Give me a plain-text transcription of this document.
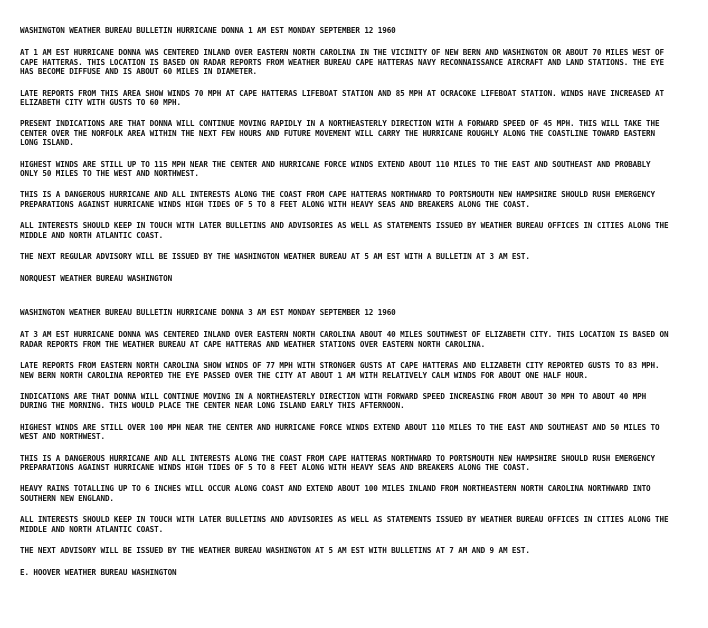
WASHINGTON WEATHER BUREAU BULLETIN HURRICANE DONNA 1 AM EST MONDAY SEPTEMBER 12 1960

AT 1 AM EST HURRICANE DONNA WAS CENTERED INLAND OVER EASTERN NORTH CAROLINA IN THE VICINITY OF NEW BERN AND WASHINGTON OR ABOUT 70 MILES WEST OF CAPE HATTERAS. THIS LOCATION IS BASED ON RADAR REPORTS FROM WEATHER BUREAU CAPE HATTERAS NAVY RECONNAISSANCE AIRCRAFT AND LAND STATIONS. THE EYE HAS BECOME DIFFUSE AND IS ABOUT 60 MILES IN DIAMETER.

LATE REPORTS FROM THIS AREA SHOW WINDS 70 MPH AT CAPE HATTERAS LIFEBOAT STATION AND 85 MPH AT OCRACOKE LIFEBOAT STATION. WINDS HAVE INCREASED AT ELIZABETH CITY WITH GUSTS TO 60 MPH.

PRESENT INDICATIONS ARE THAT DONNA WILL CONTINUE MOVING RAPIDLY IN A NORTHEASTERLY DIRECTION WITH A FORWARD SPEED OF 45 MPH. THIS WILL TAKE THE CENTER OVER THE NORFOLK AREA WITHIN THE NEXT FEW HOURS AND FUTURE MOVEMENT WILL CARRY THE HURRICANE ROUGHLY ALONG THE COASTLINE TOWARD EASTERN LONG ISLAND.

HIGHEST WINDS ARE STILL UP TO 115 MPH NEAR THE CENTER AND HURRICANE FORCE WINDS EXTEND ABOUT 110 MILES TO THE EAST AND SOUTHEAST AND PROBABLY ONLY 50 MILES TO THE WEST AND NORTHWEST.

THIS IS A DANGEROUS HURRICANE AND ALL INTERESTS ALONG THE COAST FROM CAPE HATTERAS NORTHWARD TO PORTSMOUTH NEW HAMPSHIRE SHOULD RUSH EMERGENCY PREPARATIONS AGAINST HURRICANE WINDS HIGH TIDES OF 5 TO 8 FEET ALONG WITH HEAVY SEAS AND BREAKERS ALONG THE COAST.

ALL INTERESTS SHOULD KEEP IN TOUCH WITH LATER BULLETINS AND ADVISORIES AS WELL AS STATEMENTS ISSUED BY WEATHER BUREAU OFFICES IN CITIES ALONG THE MIDDLE AND NORTH ATLANTIC COAST.

THE NEXT REGULAR ADVISORY WILL BE ISSUED BY THE WASHINGTON WEATHER BUREAU AT 5 AM EST WITH A BULLETIN AT 3 AM EST.

NORQUEST WEATHER BUREAU WASHINGTON

WASHINGTON WEATHER BUREAU BULLETIN HURRICANE DONNA 3 AM EST MONDAY SEPTEMBER 12 1960

AT 3 AM EST HURRICANE DONNA WAS CENTERED INLAND OVER EASTERN NORTH CAROLINA ABOUT 40 MILES SOUTHWEST OF ELIZABETH CITY. THIS LOCATION IS BASED ON RADAR REPORTS FROM THE WEATHER BUREAU AT CAPE HATTERAS AND WEATHER STATIONS OVER EASTERN NORTH CAROLINA.

LATE REPORTS FROM EASTERN NORTH CAROLINA SHOW WINDS OF 77 MPH WITH STRONGER GUSTS AT CAPE HATTERAS AND ELIZABETH CITY REPORTED GUSTS TO 83 MPH. NEW BERN NORTH CAROLINA REPORTED THE EYE PASSED OVER THE CITY AT ABOUT 1 AM WITH RELATIVELY CALM WINDS FOR ABOUT ONE HALF HOUR.

INDICATIONS ARE THAT DONNA WILL CONTINUE MOVING IN A NORTHEASTERLY DIRECTION WITH FORWARD SPEED INCREASING FROM ABOUT 30 MPH TO ABOUT 40 MPH DURING THE MORNING. THIS WOULD PLACE THE CENTER NEAR LONG ISLAND EARLY THIS AFTERNOON.

HIGHEST WINDS ARE STILL OVER 100 MPH NEAR THE CENTER AND HURRICANE FORCE WINDS EXTEND ABOUT 110 MILES TO THE EAST AND SOUTHEAST AND 50 MILES TO WEST AND NORTHWEST.

THIS IS A DANGEROUS HURRICANE AND ALL INTERESTS ALONG THE COAST FROM CAPE HATTERAS NORTHWARD TO PORTSMOUTH NEW HAMPSHIRE SHOULD RUSH EMERGENCY PREPARATIONS AGAINST HURRICANE WINDS HIGH TIDES OF 5 TO 8 FEET ALONG WITH HEAVY SEAS AND BREAKERS ALONG THE COAST.

HEAVY RAINS TOTALLING UP TO 6 INCHES WILL OCCUR ALONG COAST AND EXTEND ABOUT 100 MILES INLAND FROM NORTHEASTERN NORTH CAROLINA NORTHWARD INTO SOUTHERN NEW ENGLAND.

ALL INTERESTS SHOULD KEEP IN TOUCH WITH LATER BULLETINS AND ADVISORIES AS WELL AS STATEMENTS ISSUED BY WEATHER BUREAU OFFICES IN CITIES ALONG THE MIDDLE AND NORTH ATLANTIC COAST.

THE NEXT ADVISORY WILL BE ISSUED BY THE WEATHER BUREAU WASHINGTON AT 5 AM EST WITH BULLETINS AT 7 AM AND 9 AM EST.

E. HOOVER WEATHER BUREAU WASHINGTON
